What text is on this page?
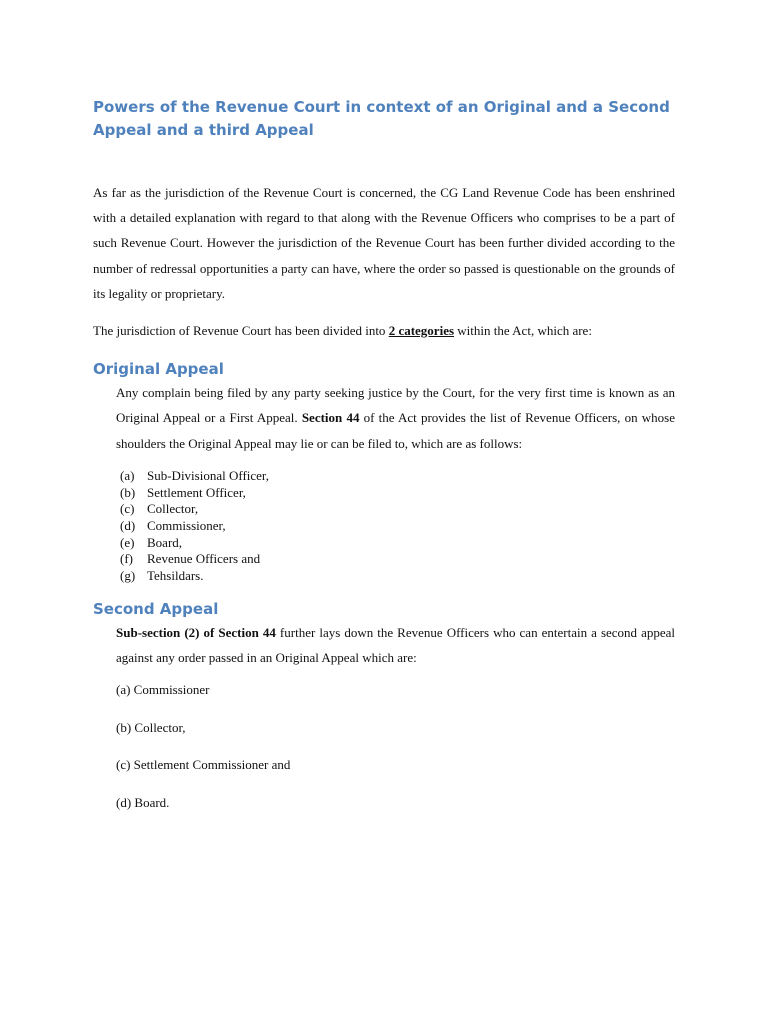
Powers of the Revenue Court in context of an Original and a Second Appeal and a third Appeal

As far as the jurisdiction of the Revenue Court is concerned, the CG Land Revenue Code has been enshrined with a detailed explanation with regard to that along with the Revenue Officers who comprises to be a part of such Revenue Court. However the jurisdiction of the Revenue Court has been further divided according to the number of redressal opportunities a party can have, where the order so passed is questionable on the grounds of its legality or proprietary.

The jurisdiction of Revenue Court has been divided into 2 categories within the Act, which are:

Original Appeal

Any complain being filed by any party seeking justice by the Court, for the very first time is known as an Original Appeal or a First Appeal. Section 44 of the Act provides the list of Revenue Officers, on whose shoulders the Original Appeal may lie or can be filed to, which are as follows:

(a) Sub-Divisional Officer,
(b) Settlement Officer,
(c) Collector,
(d) Commissioner,
(e) Board,
(f)	Revenue Officers and
(g) Tehsildars.
Second Appeal

Sub-section (2) of Section 44 further lays down the Revenue Officers who can entertain a second appeal against any order passed in an Original Appeal which are:

(a) Commissioner
(b) Collector,
(c) Settlement Commissioner and
(d) Board.
